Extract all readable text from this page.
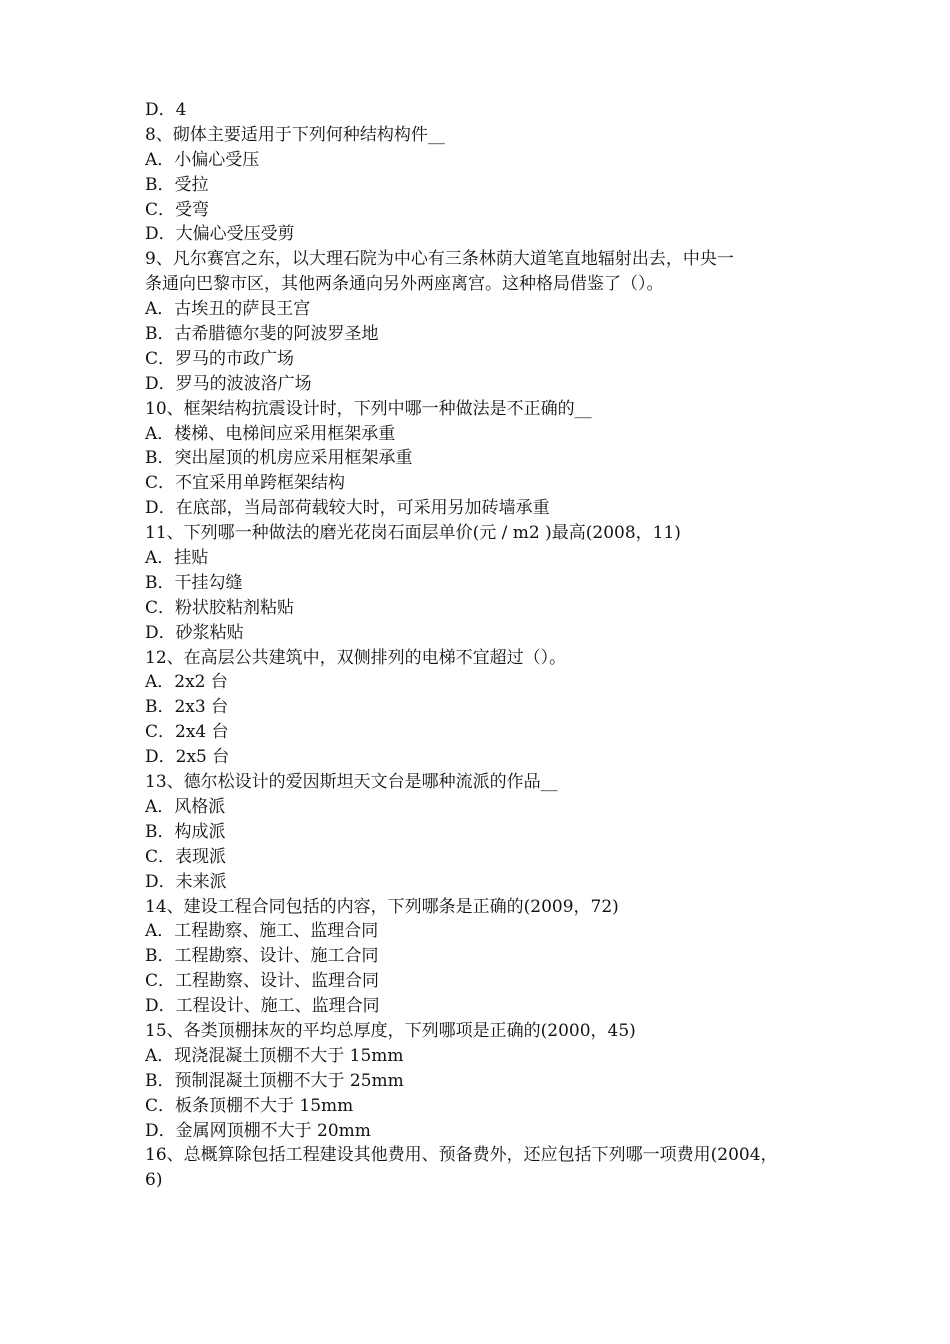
D．4
8、砌体主要适用于下列何种结构构件__
A．小偏心受压
B．受拉
C．受弯
D．大偏心受压受剪
9、凡尔赛宫之东，以大理石院为中心有三条林荫大道笔直地辐射出去，中央一
条通向巴黎市区，其他两条通向另外两座离宫。这种格局借鉴了（）。
A．古埃丑的萨艮王宫
B．古希腊德尔斐的阿波罗圣地
C．罗马的市政广场
D．罗马的波波洛广场
10、框架结构抗震设计时，下列中哪一种做法是不正确的__
A．楼梯、电梯间应采用框架承重
B．突出屋顶的机房应采用框架承重
C．不宜采用单跨框架结构
D．在底部，当局部荷载较大时，可采用另加砖墙承重
11、下列哪一种做法的磨光花岗石面层单价(元 / m2 )最高(2008，11)
A．挂贴
B．干挂勾缝
C．粉状胶粘剂粘贴
D．砂浆粘贴
12、在高层公共建筑中，双侧排列的电梯不宜超过（）。
A．2x2 台
B．2x3 台
C．2x4 台
D．2x5 台
13、德尔松设计的爱因斯坦天文台是哪种流派的作品__
A．风格派
B．构成派
C．表现派
D．未来派
14、建设工程合同包括的内容，下列哪条是正确的(2009，72)
A．工程勘察、施工、监理合同
B．工程勘察、设计、施工合同
C．工程勘察、设计、监理合同
D．工程设计、施工、监理合同
15、各类顶棚抹灰的平均总厚度，下列哪项是正确的(2000，45)
A．现浇混凝土顶棚不大于 15mm
B．预制混凝土顶棚不大于 25mm
C．板条顶棚不大于 15mm
D．金属网顶棚不大于 20mm
16、总概算除包括工程建设其他费用、预备费外，还应包括下列哪一项费用(2004，
6)
